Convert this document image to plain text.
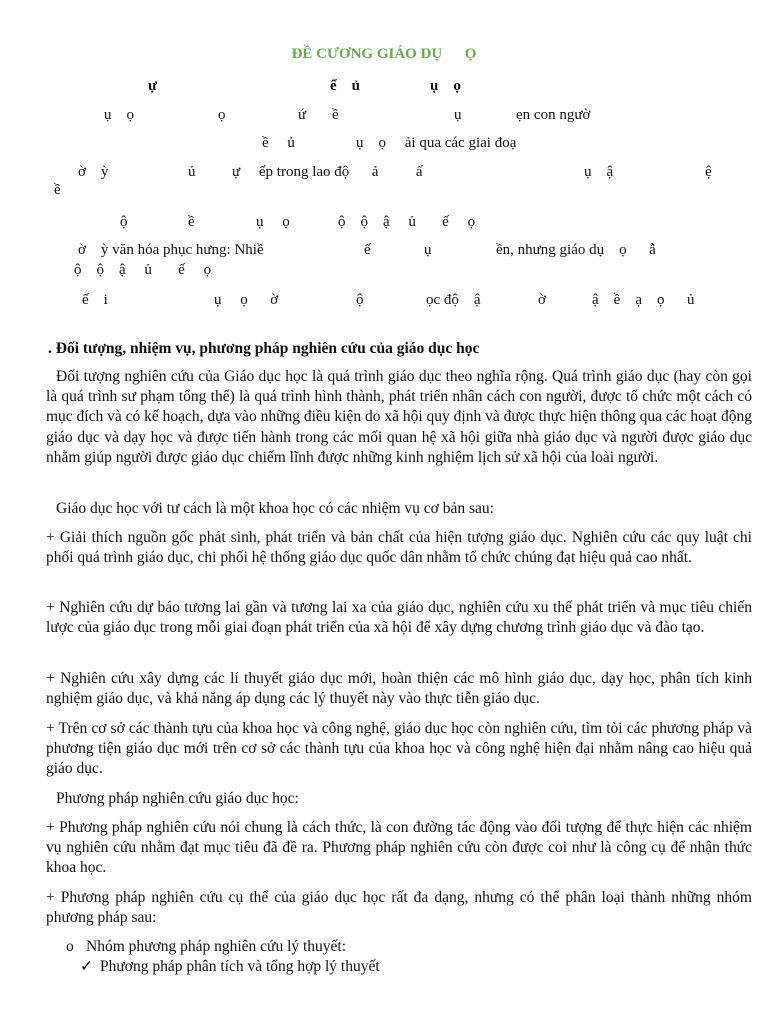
ĐỀ CƯƠNG GIÁO DỤ      Ọ
ự	ể    ủ	ụ    ọ
ụ    ọ	ọ	ứ ề	ụ	ẹn con ngườ
ề     ủ	ụ    ọ     ải qua các giai đoạ
ờ    ỳ	ủ ự     ếp trong lao độ      ả          ấ	ụ    ậ	ệ
ề
ộ	ề	ụ     ọ	ộ    ộ    ậ     ủ       ế     ọ
ờ    ỳ văn hóa phục hưng: Nhiề	ế	ụ	ền, nhưng giáo dụ    ọ      ẫ
ộ    ộ    ậ     ủ       ế     ọ
ế    i	ụ     ọ      ờ	ộ	ọc độ    ậ	ờ	ậ    ề    ạ    ọ      ủ
. Đối tượng, nhiệm vụ, phương pháp nghiên cứu của giáo dục học

Đối tượng nghiên cứu của Giáo dục học là quá trình giáo dục theo nghĩa rộng. Quá trình giáo dục (hay còn gọi là quá trình sư phạm tổng thể) là quá trình hình thành, phát triển nhân cách con người, được tổ chức một cách có mục đích và có kế hoạch, dựa vào những điều kiện do xã hội quy định và được thực hiện thông qua các hoạt động giáo dục và dạy học và được tiến hành trong các mối quan hệ xã hội giữa nhà giáo dục và người được giáo dục nhằm giúp người được giáo dục chiếm lĩnh được những kinh nghiệm lịch sử xã hội của loài người.

Giáo dục học với tư cách là một khoa học có các nhiệm vụ cơ bản sau:

+ Giải thích nguồn gốc phát sinh, phát triển và bản chất của hiện tượng giáo dục. Nghiên cứu các quy luật chi phối quá trình giáo dục, chi phối hệ thống giáo dục quốc dân nhằm tổ chức chúng đạt hiệu quả cao nhất.

+ Nghiên cứu dự báo tương lai gần và tương lai xa của giáo dục, nghiên cứu xu thế phát triển và mục tiêu chiến lược của giáo dục trong mỗi giai đoạn phát triển của xã hội để xây dựng chương trình giáo dục và đào tạo.

+ Nghiên cứu xây dựng các lí thuyết giáo dục mới, hoàn thiện các mô hình giáo dục, dạy học, phân tích kinh nghiệm giáo dục, và khả năng áp dụng các lý thuyết này vào thực tiễn giáo dục.

+ Trên cơ sở các thành tựu của khoa học và công nghệ, giáo dục học còn nghiên cứu, tìm tòi các phương pháp và phương tiện giáo dục mới trên cơ sở các thành tựu của khoa học và công nghệ hiện đại nhằm nâng cao hiệu quả giáo dục.

Phương pháp nghiên cứu giáo dục học:

+ Phương pháp nghiên cứu nói chung là cách thức, là con đường tác động vào đối tượng để thực hiện các nhiệm vụ nghiên cứu nhằm đạt mục tiêu đã đề ra. Phương pháp nghiên cứu còn được coi như là công cụ để nhận thức khoa học.

+ Phương pháp nghiên cứu cụ thể của giáo dục học rất đa dạng, nhưng có thể phân loại thành những nhóm phương pháp sau:

o Nhóm phương pháp nghiên cứu lý thuyết:
✓ Phương pháp phân tích và tổng hợp lý thuyết
